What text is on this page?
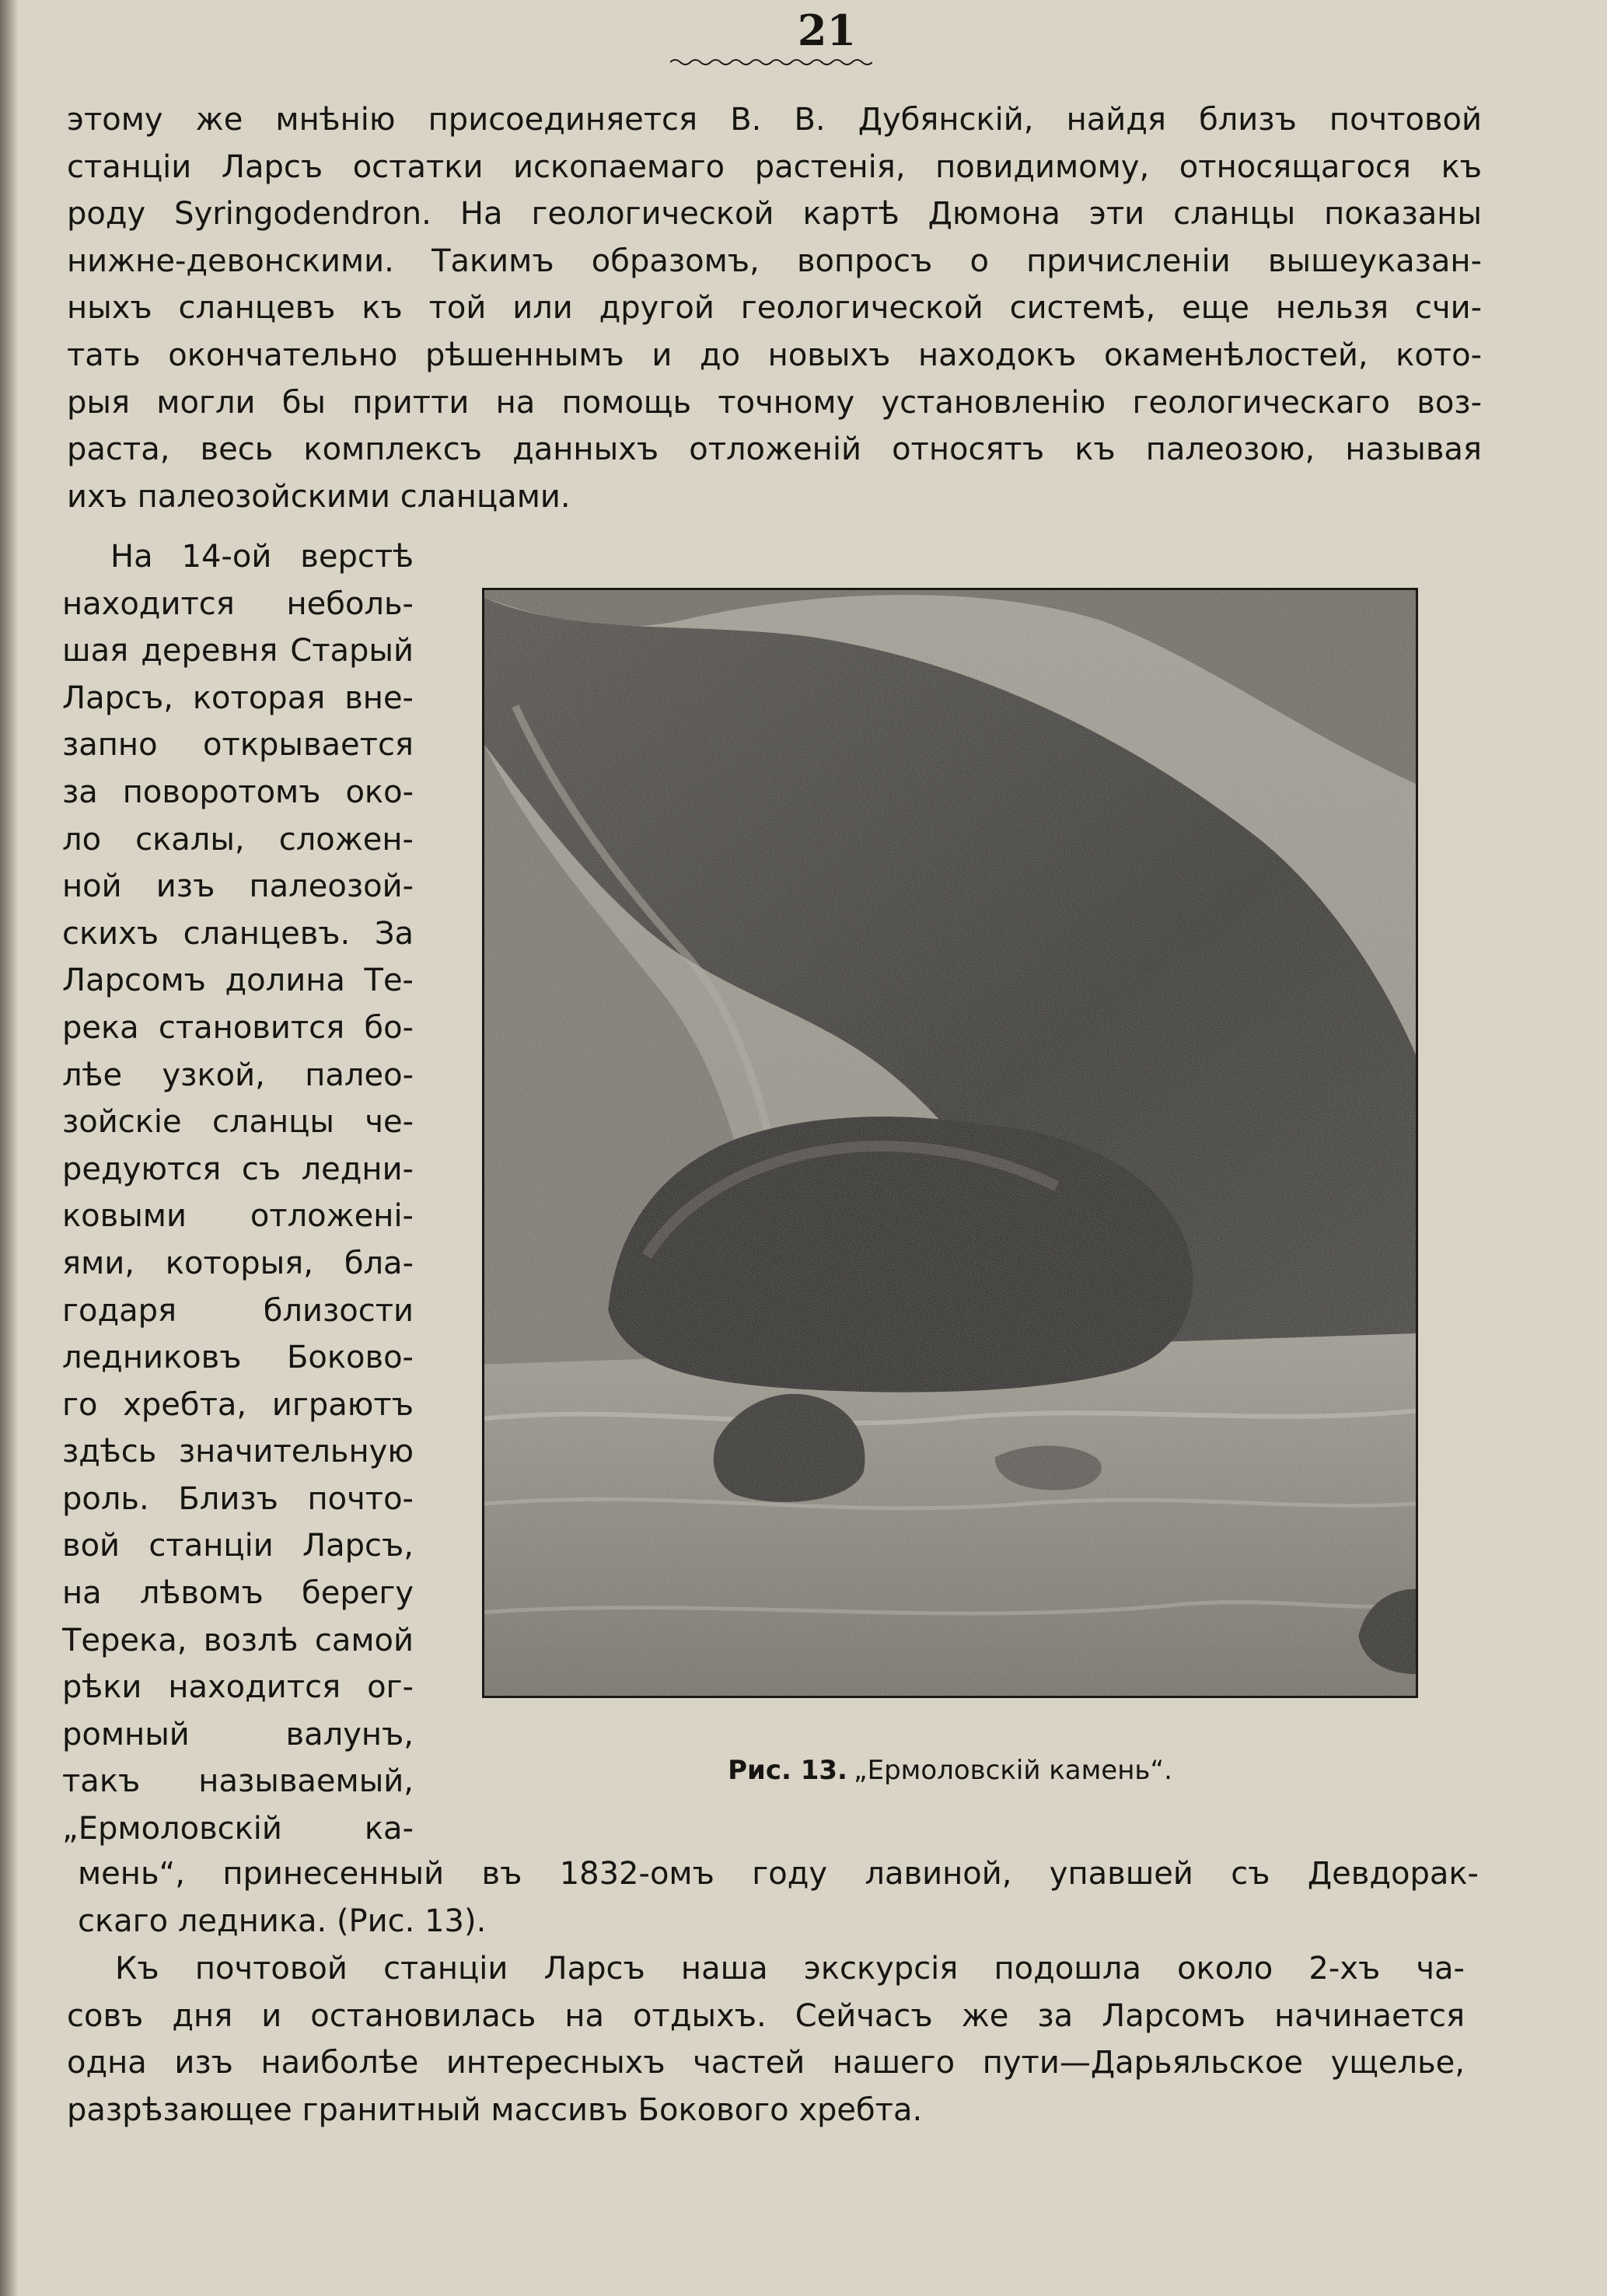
21
этому же мнѣнію присоединяется В. В. Дубянскій, найдя близъ почтовой
станціи Ларсъ остатки ископаемаго растенія, повидимому, относящагося къ
роду Syringodendron. На геологической картѣ Дюмона эти сланцы показаны
нижне-девонскими. Такимъ образомъ, вопросъ о причисленіи вышеуказан-
ныхъ сланцевъ къ той или другой геологической системѣ, еще нельзя счи-
тать окончательно рѣшеннымъ и до новыхъ находокъ окаменѣлостей, кото-
рыя могли бы притти на помощь точному установленію геологическаго воз-
раста, весь комплексъ данныхъ отложеній относятъ къ палеозою, называя
ихъ палеозойскими сланцами.
На 14-ой верстѣ
находится неболь-
шая деревня Старый
Ларсъ, которая вне-
запно открывается
за поворотомъ око-
ло скалы, сложен-
ной изъ палеозой-
скихъ сланцевъ. За
Ларсомъ долина Те-
река становится бо-
лѣе узкой, палео-
зойскіе сланцы че-
редуются съ ледни-
ковыми отложені-
ями, которыя, бла-
годаря близости
ледниковъ Боково-
го хребта, играютъ
здѣсь значительную
роль. Близъ почто-
вой станціи Ларсъ,
на лѣвомъ берегу
Терека, возлѣ самой
рѣки находится ог-
ромный валунъ,
такъ называемый,
„Ермоловскій ка-
Рис. 13. „Ермоловскій камень“.
мень“, принесенный въ 1832-омъ году лавиной, упавшей съ Девдорак-
скаго ледника. (Рис. 13).
Къ почтовой станціи Ларсъ наша экскурсія подошла около 2-хъ ча-
совъ дня и остановилась на отдыхъ. Сейчасъ же за Ларсомъ начинается
одна изъ наиболѣе интересныхъ частей нашего пути—Дарьяльское ущелье,
разрѣзающее гранитный массивъ Бокового хребта.
